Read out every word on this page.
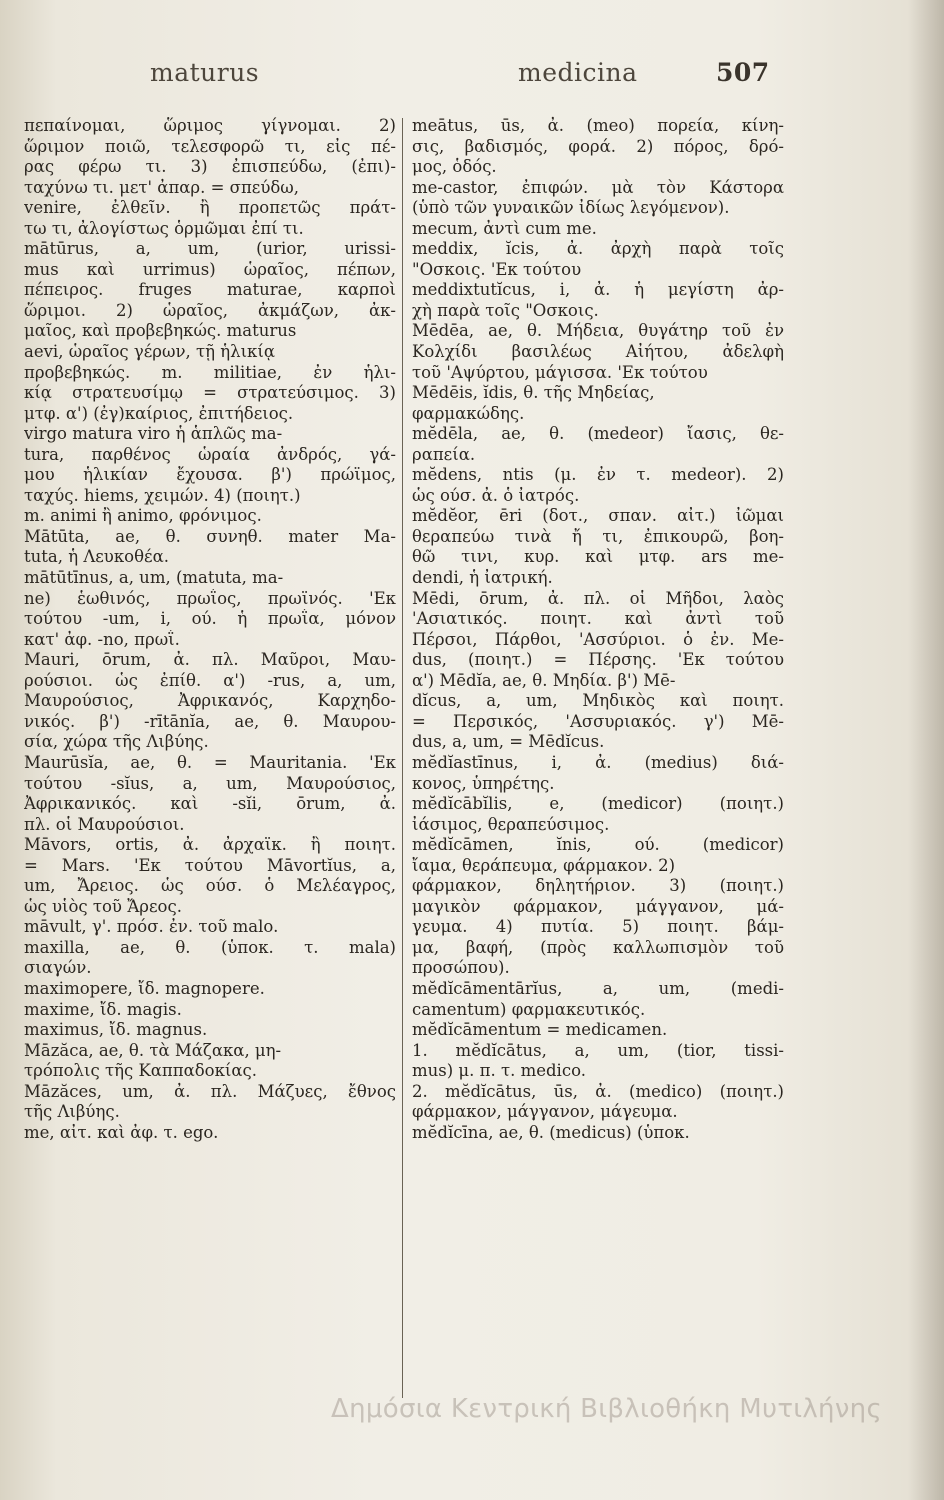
maturus	medicina	507
πεπαίνομαι, ὥριμος γίγνομαι. 2)
ὥριμον ποιῶ, τελεσφορῶ τι, εἰς πέ-
ρας φέρω τι. 3) ἐπισπεύδω, (ἐπι)-
ταχύνω τι. μετ' ἀπαρ. = σπεύδω,
venire, ἐλθεῖν. ἢ προπετῶς πράτ-
τω τι, ἀλογίστως ὁρμῶμαι ἐπί τι.
mātūrus, a, um, (urior, urissi-
mus καὶ urrimus) ὡραῖος, πέπων,
πέπειρος. fruges maturae, καρποὶ
ὥριμοι. 2) ὡραῖος, ἀκμάζων, ἀκ-
μαῖος, καὶ προβεβηκώς. maturus
aevi, ὡραῖος γέρων, τῇ ἡλικίᾳ
προβεβηκώς. m. militiae, ἐν ἡλι-
κίᾳ στρατευσίμῳ = στρατεύσιμος. 3)
μτφ. α') (ἐγ)καίριος, ἐπιτήδειος.
virgo matura viro ἡ ἁπλῶς ma-
tura, παρθένος ὡραία ἀνδρός, γά-
μου ἡλικίαν ἔχουσα. β') πρώϊμος,
ταχύς. hiems, χειμών. 4) (ποιητ.)
m. animi ἢ animo, φρόνιμος.
Mātūta, ae, θ. συνηθ. mater Ma-
tuta, ἡ Λευκοθέα.
mātūtīnus, a, um, (matuta, ma-
ne) ἑωθινός, πρωΐος, πρωϊνός. 'Εκ
τούτου -um, i, ού. ἡ πρωΐα, μόνον
κατ' ἀφ. -no, πρωΐ.
Mauri, ōrum, ἀ. πλ. Μαῦροι, Μαυ-
ρούσιοι. ὡς ἐπίθ. α') -rus, a, um,
Μαυρούσιος, Ἀφρικανός, Καρχηδο-
νικός. β') -rītānĭa, ae, θ. Μαυρου-
σία, χώρα τῆς Λιβύης.
Maurūsĭa, ae, θ. = Mauritania. 'Εκ
τούτου -sĭus, a, um, Μαυρούσιος,
Ἀφρικανικός. καὶ -sĭi, ōrum, ἀ.
πλ. οἱ Μαυρούσιοι.
Māvors, ortis, ἀ. ἀρχαϊκ. ἢ ποιητ.
= Mars. 'Εκ τούτου Māvortĭus, a,
um, Ἄρειος. ὡς ούσ. ὁ Μελέαγρος,
ὡς υἱὸς τοῦ Ἄρεος.
māvult, γ'. πρόσ. ἐν. τοῦ malo.
maxilla, ae, θ. (ὑποκ. τ. mala)
σιαγών.
maximopere, ἴδ. magnopere.
maxime, ἴδ. magis.
maximus, ἴδ. magnus.
Māzăca, ae, θ. τὰ Μάζακα, μη-
τρόπολις τῆς Καππαδοκίας.
Māzăces, um, ἀ. πλ. Μάζυες, ἔθνος
τῆς Λιβύης.
me, αἰτ. καὶ ἀφ. τ. ego.
meātus, ūs, ἀ. (meo) πορεία, κίνη-
σις, βαδισμός, φορά. 2) πόρος, δρό-
μος, ὁδός.
me-castor, ἐπιφών. μὰ τὸν Κάστορα
(ὑπὸ τῶν γυναικῶν ἰδίως λεγόμενον).
mecum, ἀντὶ cum me.
meddix, ĭcis, ἀ. ἀρχὴ παρὰ τοῖς
"Οσκοις. 'Εκ τούτου
meddixtutĭcus, i, ἀ. ἡ μεγίστη ἀρ-
χὴ παρὰ τοῖς "Οσκοις.
Mēdēa, ae, θ. Μήδεια, θυγάτηρ τοῦ ἐν
Κολχίδι βασιλέως Αἰήτου, ἀδελφὴ
τοῦ 'Αψύρτου, μάγισσα. 'Εκ τούτου
Mēdēis, ĭdis, θ. τῆς Μηδείας,
φαρμακώδης.
mĕdēla, ae, θ. (medeor) ἴασις, θε-
ραπεία.
mĕdens, ntis (μ. ἐν τ. medeor). 2)
ὡς ούσ. ἀ. ὁ ἰατρός.
mĕdĕor, ēri (δοτ., σπαν. αἰτ.) ἰῶμαι
θεραπεύω τινὰ ἤ τι, ἐπικουρῶ, βοη-
θῶ τινι, κυρ. καὶ μτφ. ars me-
dendi, ἡ ἰατρική.
Mēdi, ōrum, ἀ. πλ. οἱ Μῆδοι, λαὸς
'Ασιατικός. ποιητ. καὶ ἀντὶ τοῦ
Πέρσοι, Πάρθοι, 'Ασσύριοι. ὁ ἐν. Me-
dus, (ποιητ.) = Πέρσης. 'Εκ τούτου
α') Mēdĭa, ae, θ. Μηδία. β') Mē-
dĭcus, a, um, Μηδικὸς καὶ ποιητ.
= Περσικός, 'Ασσυριακός. γ') Mē-
dus, a, um, = Mēdĭcus.
mĕdĭastīnus, i, ἀ. (medius) διά-
κονος, ὑπηρέτης.
mĕdĭcābĭlis, e, (medicor) (ποιητ.)
ἰάσιμος, θεραπεύσιμος.
mĕdĭcāmen, ĭnis, ού. (medicor)
ἴαμα, θεράπευμα, φάρμακον. 2)
φάρμακον, δηλητήριον. 3) (ποιητ.)
μαγικὸν φάρμακον, μάγγανον, μά-
γευμα. 4) πυτία. 5) ποιητ. βάμ-
μα, βαφή, (πρὸς καλλωπισμὸν τοῦ
προσώπου).
mĕdĭcāmentārĭus, a, um, (medi-
camentum) φαρμακευτικός.
mĕdĭcāmentum = medicamen.
1. mĕdĭcātus, a, um, (tior, tissi-
mus) μ. π. τ. medico.
2. mĕdĭcātus, ūs, ἀ. (medico) (ποιητ.)
φάρμακον, μάγγανον, μάγευμα.
mĕdĭcīna, ae, θ. (medicus) (ὑποκ.
Δημόσια Κεντρική Βιβλιοθήκη Μυτιλήνης
